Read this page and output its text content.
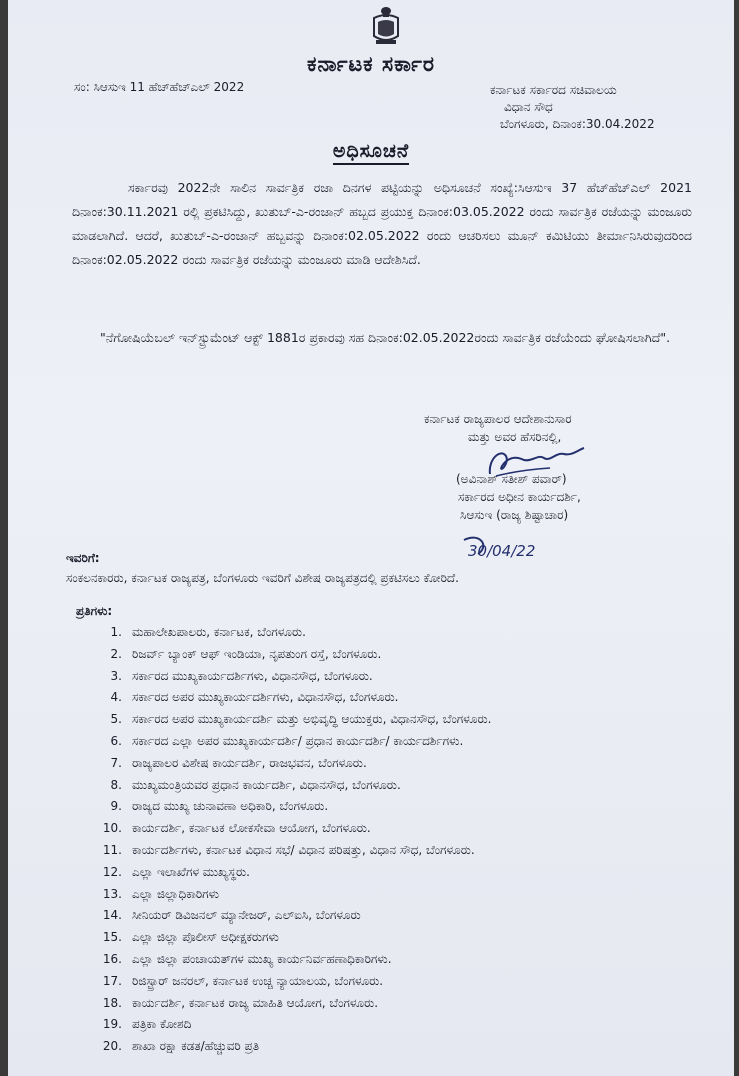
ಕರ್ನಾಟಕ ಸರ್ಕಾರ
ಸಂ: ಸಿಆಸುಇ 11 ಹೆಚ್‌ಹೆಚ್‌ಎಲ್ 2022	ಕರ್ನಾಟಕ ಸರ್ಕಾರದ ಸಚಿವಾಲಯ
ವಿಧಾನ ಸೌಧ
ಬೆಂಗಳೂರು, ದಿನಾಂಕ:30.04.2022
ಅಧಿಸೂಚನೆ
ಸರ್ಕಾರವು 2022ನೇ ಸಾಲಿನ ಸಾರ್ವತ್ರಿಕ ರಜಾ ದಿನಗಳ ಪಟ್ಟಿಯನ್ನು ಅಧಿಸೂಚನೆ ಸಂಖ್ಯೆ:ಸಿಆಸುಇ 37 ಹೆಚ್‌ಹೆಚ್‌ಎಲ್ 2021 ದಿನಾಂಕ:30.11.2021 ರಲ್ಲಿ ಪ್ರಕಟಿಸಿದ್ದು, ಖುತುಬ್-ಎ-ರಂಜಾನ್ ಹಬ್ಬದ ಪ್ರಯುಕ್ತ ದಿನಾಂಕ:03.05.2022 ರಂದು ಸಾರ್ವತ್ರಿಕ ರಜೆಯನ್ನು ಮಂಜೂರು ಮಾಡಲಾಗಿದೆ. ಆದರೆ, ಖುತುಬ್-ಎ-ರಂಜಾನ್ ಹಬ್ಬವನ್ನು ದಿನಾಂಕ:02.05.2022 ರಂದು ಆಚರಿಸಲು ಮೂನ್ ಕಮಿಟಿಯು ತೀರ್ಮಾನಿಸಿರುವುದರಿಂದ ದಿನಾಂಕ:02.05.2022 ರಂದು ಸಾರ್ವತ್ರಿಕ ರಜೆಯನ್ನು ಮಂಜೂರು ಮಾಡಿ ಆದೇಶಿಸಿದೆ.
"ನೆಗೋಷಿಯೆಬಲ್ ಇನ್‌ಸ್ಟ್ರುಮೆಂಟ್ ಆಕ್ಟ್ 1881ರ ಪ್ರಕಾರವು ಸಹ ದಿನಾಂಕ:02.05.2022ರಂದು ಸಾರ್ವತ್ರಿಕ ರಜೆಯೆಂದು ಘೋಷಿಸಲಾಗಿದೆ".
ಕರ್ನಾಟಕ ರಾಜ್ಯಪಾಲರ ಆದೇಶಾನುಸಾರ
ಮತ್ತು ಅವರ ಹೆಸರಿನಲ್ಲಿ,
(ಅವಿನಾಶ್ ಸತೀಶ್ ಪವಾರ್)
ಸರ್ಕಾರದ ಅಧೀನ ಕಾರ್ಯದರ್ಶಿ,
ಸಿಆಸುಇ (ರಾಜ್ಯ ಶಿಷ್ಟಾಚಾರ)
30/04/22
ಇವರಿಗೆ:
ಸಂಕಲನಕಾರರು, ಕರ್ನಾಟಕ ರಾಜ್ಯಪತ್ರ, ಬೆಂಗಳೂರು ಇವರಿಗೆ ವಿಶೇಷ ರಾಜ್ಯಪತ್ರದಲ್ಲಿ ಪ್ರಕಟಿಸಲು ಕೋರಿದೆ.
ಪ್ರತಿಗಳು:
1. ಮಹಾಲೇಖಪಾಲರು, ಕರ್ನಾಟಕ, ಬೆಂಗಳೂರು.
2. ರಿಜರ್ವ್ ಬ್ಯಾಂಕ್ ಆಫ್ ಇಂಡಿಯಾ, ನೃಪತುಂಗ ರಸ್ತೆ, ಬೆಂಗಳೂರು.
3. ಸರ್ಕಾರದ ಮುಖ್ಯಕಾರ್ಯದರ್ಶಿಗಳು, ವಿಧಾನಸೌಧ, ಬೆಂಗಳೂರು.
4. ಸರ್ಕಾರದ ಅಪರ ಮುಖ್ಯಕಾರ್ಯದರ್ಶಿಗಳು, ವಿಧಾನಸೌಧ, ಬೆಂಗಳೂರು.
5. ಸರ್ಕಾರದ ಅಪರ ಮುಖ್ಯಕಾರ್ಯದರ್ಶಿ ಮತ್ತು ಅಭಿವೃದ್ಧಿ ಆಯುಕ್ತರು, ವಿಧಾನಸೌಧ, ಬೆಂಗಳೂರು.
6. ಸರ್ಕಾರದ ಎಲ್ಲಾ ಅಪರ ಮುಖ್ಯಕಾರ್ಯದರ್ಶಿ/ ಪ್ರಧಾನ ಕಾರ್ಯದರ್ಶಿ/ ಕಾರ್ಯದರ್ಶಿಗಳು.
7. ರಾಜ್ಯಪಾಲರ ವಿಶೇಷ ಕಾರ್ಯದರ್ಶಿ, ರಾಜಭವನ, ಬೆಂಗಳೂರು.
8. ಮುಖ್ಯಮಂತ್ರಿಯವರ ಪ್ರಧಾನ ಕಾರ್ಯದರ್ಶಿ, ವಿಧಾನಸೌಧ, ಬೆಂಗಳೂರು.
9. ರಾಜ್ಯದ ಮುಖ್ಯ ಚುನಾವಣಾ ಅಧಿಕಾರಿ, ಬೆಂಗಳೂರು.
10. ಕಾರ್ಯದರ್ಶಿ, ಕರ್ನಾಟಕ ಲೋಕಸೇವಾ ಆಯೋಗ, ಬೆಂಗಳೂರು.
11. ಕಾರ್ಯದರ್ಶಿಗಳು, ಕರ್ನಾಟಕ ವಿಧಾನ ಸಭೆ/ ವಿಧಾನ ಪರಿಷತ್ತು, ವಿಧಾನ ಸೌಧ, ಬೆಂಗಳೂರು.
12. ಎಲ್ಲಾ ಇಲಾಖೆಗಳ ಮುಖ್ಯಸ್ಥರು.
13. ಎಲ್ಲಾ ಜಿಲ್ಲಾಧಿಕಾರಿಗಳು
14. ಸೀನಿಯರ್ ಡಿವಿಜನಲ್ ಮ್ಯಾನೇಜರ್, ಎಲ್‌ಐಸಿ, ಬೆಂಗಳೂರು
15. ಎಲ್ಲಾ ಜಿಲ್ಲಾ ಪೊಲೀಸ್ ಅಧೀಕ್ಷಕರುಗಳು
16. ಎಲ್ಲಾ ಜಿಲ್ಲಾ ಪಂಚಾಯತ್‌ಗಳ ಮುಖ್ಯ ಕಾರ್ಯನಿರ್ವಹಣಾಧಿಕಾರಿಗಳು.
17. ರಿಜಿಸ್ಟ್ರಾರ್ ಜನರಲ್, ಕರ್ನಾಟಕ ಉಚ್ಚ ನ್ಯಾಯಾಲಯ, ಬೆಂಗಳೂರು.
18. ಕಾರ್ಯದರ್ಶಿ, ಕರ್ನಾಟಕ ರಾಜ್ಯ ಮಾಹಿತಿ ಆಯೋಗ, ಬೆಂಗಳೂರು.
19. ಪತ್ರಿಕಾ ಕೋಶದಿ
20. ಶಾಖಾ ರಕ್ಷಾ ಕಡತ/ಹೆಚ್ಚುವರಿ ಪ್ರತಿ
